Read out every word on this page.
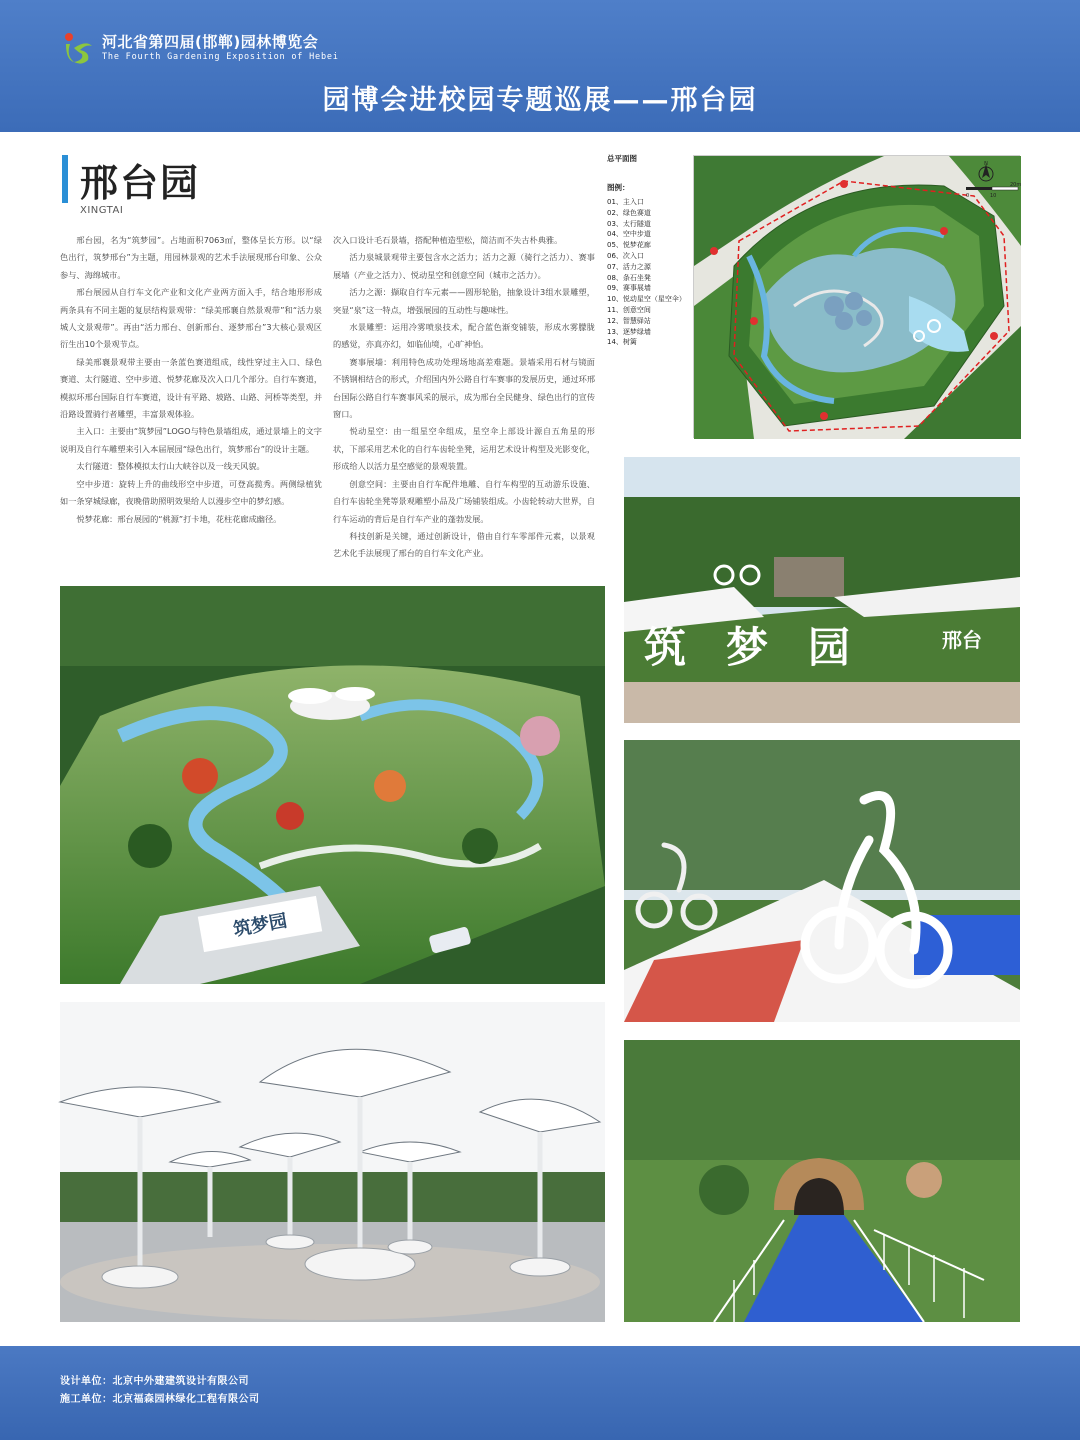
河北省第四届(邯郸)园林博览会
The Fourth Gardening Exposition of Hebei
园博会进校园专题巡展——邢台园
邢台园
XINGTAI

邢台园，名为“筑梦园”。占地面积7063㎡，整体呈长方形。以“绿色出行，筑梦邢台”为主题，用园林景观的艺术手法展现邢台印象、公众参与、海绵城市。

邢台展园从自行车文化产业和文化产业两方面入手，结合地形形成两条具有不同主题的复层结构景观带：“绿美邢襄自然景观带”和“活力泉城人文景观带”。再由“活力邢台、创新邢台、逐梦邢台”3大核心景观区衍生出10个景观节点。

绿美邢襄景观带主要由一条蓝色赛道组成，线性穿过主入口、绿色赛道、太行隧道、空中步道、悦梦花廊及次入口几个部分。自行车赛道，模拟环邢台国际自行车赛道，设计有平路、坡路、山路、河桥等类型，并沿路设置骑行者雕塑，丰富景观体验。

主入口：主要由“筑梦园”LOGO与特色景墙组成，通过景墙上的文字说明及自行车雕塑来引入本届展园“绿色出行，筑梦邢台”的设计主题。

太行隧道：整体模拟太行山大峡谷以及一线天风貌。

空中步道：旋转上升的曲线形空中步道，可登高揽秀。两侧绿植犹如一条穿城绿廊，夜晚借助照明效果给人以漫步空中的梦幻感。

悦梦花廊：邢台展园的“桃源”打卡地，花柱花廊成幽径。

次入口设计毛石景墙，搭配种植造型松，简洁而不失古朴典雅。

活力泉城景观带主要包含水之活力；活力之源（骑行之活力）、赛事展墙（产业之活力）、悦动星空和创意空间（城市之活力）。

活力之源：撷取自行车元素——圆形轮胎，抽象设计3组水景雕塑，突显“泉”这一特点，增强展园的互动性与趣味性。

水景雕塑：运用冷雾喷泉技术，配合蓝色渐变铺装，形成水雾朦胧的感觉，亦真亦幻，如临仙境，心旷神怡。

赛事展墙：利用特色成功处理场地高差难题。景墙采用石材与镜面不锈钢相结合的形式，介绍国内外公路自行车赛事的发展历史，通过环邢台国际公路自行车赛事风采的展示，成为邢台全民健身、绿色出行的宣传窗口。

悦动星空：由一组星空伞组成，星空伞上部设计源自五角星的形状，下部采用艺术化的自行车齿轮坐凳，运用艺术设计构型及光影变化，形成给人以活力星空感觉的景观装置。

创意空间：主要由自行车配件地雕、自行车构型的互动游乐设施、自行车齿轮坐凳等景观雕塑小品及广场铺装组成。小齿轮转动大世界，自行车运动的背后是自行车产业的蓬勃发展。

科技创新是关键，通过创新设计，借由自行车零部件元素，以景观艺术化手法展现了邢台的自行车文化产业。

总平面图
图例：
01、主入口
02、绿色赛道
03、太行隧道
04、空中步道
05、悦梦花廊
06、次入口
07、活力之源
08、条石坐凳
09、赛事展墙
10、悦动星空（星空伞）
11、创意空间
12、智慧驿站
13、逐梦绿墙
14、树篱
N
0	10
20m
筑梦园
筑梦园	邢台
设计单位：北京中外建建筑设计有限公司
施工单位：北京福森园林绿化工程有限公司
